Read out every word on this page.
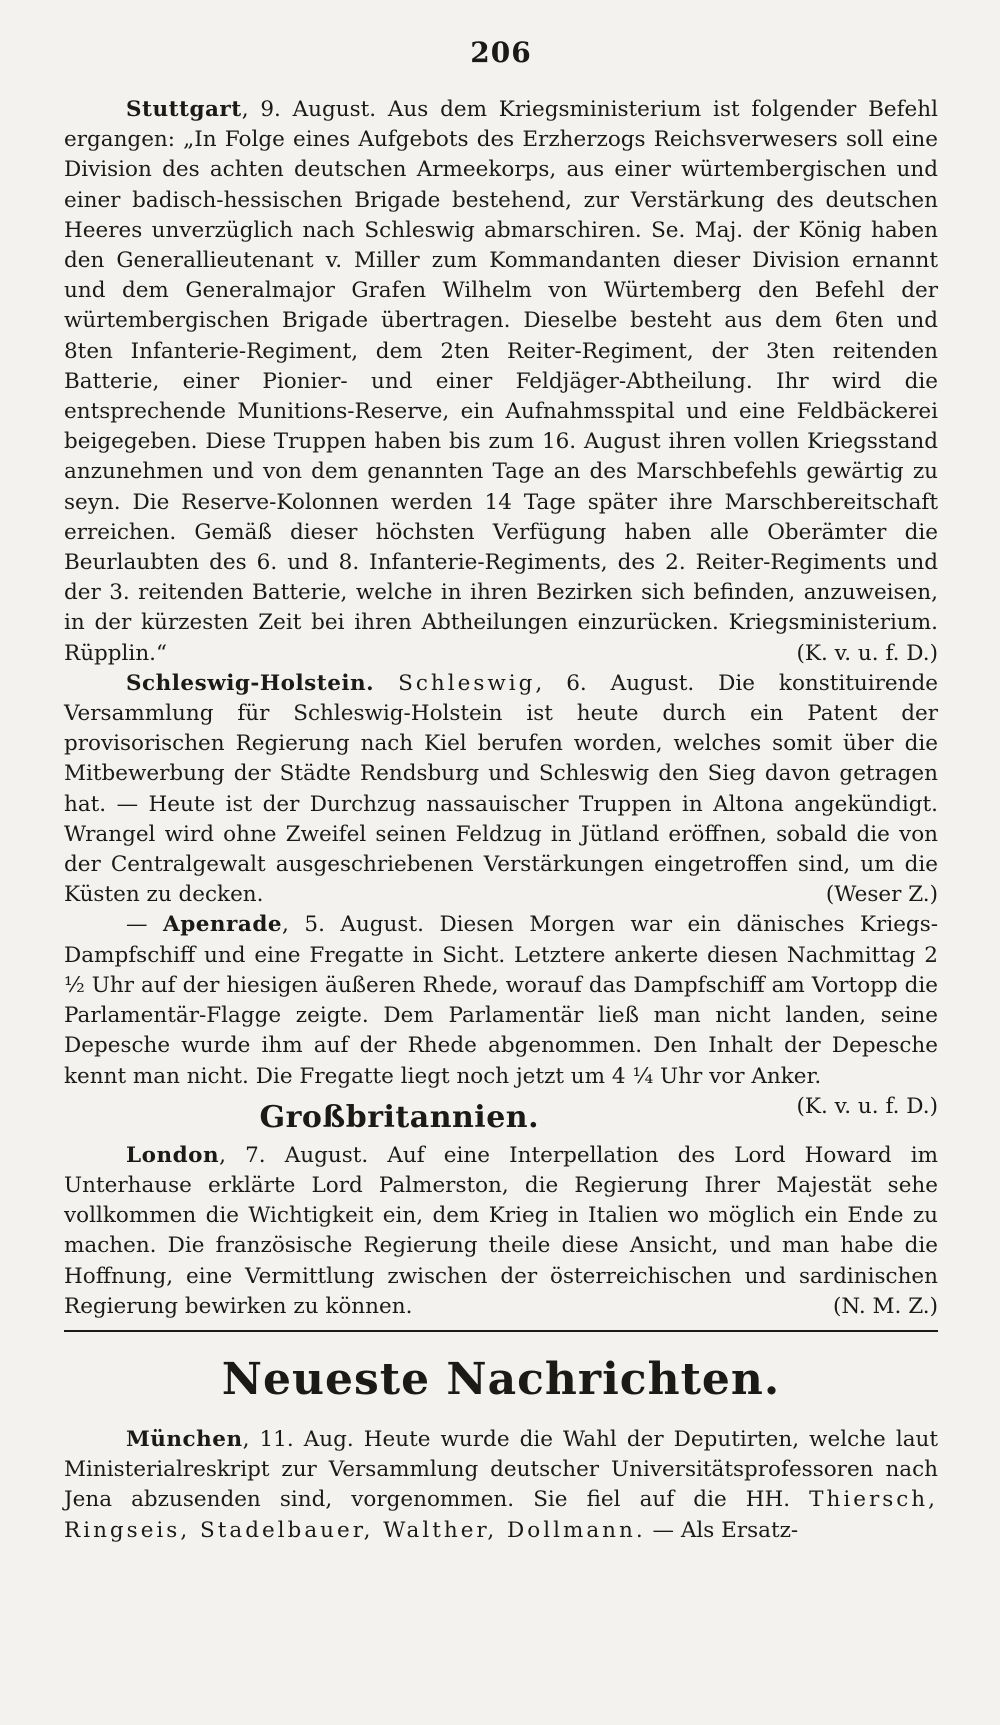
206

Stuttgart, 9. August. Aus dem Kriegsministerium ist folgender Befehl ergangen: „In Folge eines Aufgebots des Erzherzogs Reichsverwesers soll eine Division des achten deutschen Armeekorps, aus einer würtembergischen und einer badisch-hessischen Brigade bestehend, zur Verstärkung des deutschen Heeres unverzüglich nach Schleswig abmarschiren. Se. Maj. der König haben den Generallieutenant v. Miller zum Kommandanten dieser Division ernannt und dem Generalmajor Grafen Wilhelm von Würtemberg den Befehl der würtembergischen Brigade übertragen. Dieselbe besteht aus dem 6ten und 8ten Infanterie-Regiment, dem 2ten Reiter-Regiment, der 3ten reitenden Batterie, einer Pionier- und einer Feldjäger-Abtheilung. Ihr wird die entsprechende Munitions-Reserve, ein Aufnahmsspital und eine Feldbäckerei beigegeben. Diese Truppen haben bis zum 16. August ihren vollen Kriegsstand anzunehmen und von dem genannten Tage an des Marschbefehls gewärtig zu seyn. Die Reserve-Kolonnen werden 14 Tage später ihre Marschbereitschaft erreichen. Gemäß dieser höchsten Verfügung haben alle Oberämter die Beurlaubten des 6. und 8. Infanterie-Regiments, des 2. Reiter-Regiments und der 3. reitenden Batterie, welche in ihren Bezirken sich befinden, anzuweisen, in der kürzesten Zeit bei ihren Abtheilungen einzurücken. Kriegsministerium. Rüpplin.“	(K. v. u. f. D.)

Schleswig-Holstein. Schleswig, 6. August. Die konstituirende Versammlung für Schleswig-Holstein ist heute durch ein Patent der provisorischen Regierung nach Kiel berufen worden, welches somit über die Mitbewerbung der Städte Rendsburg und Schleswig den Sieg davon getragen hat. — Heute ist der Durchzug nassauischer Truppen in Altona angekündigt. Wrangel wird ohne Zweifel seinen Feldzug in Jütland eröffnen, sobald die von der Centralgewalt ausgeschriebenen Verstärkungen eingetroffen sind, um die Küsten zu decken.	(Weser Z.)

— Apenrade, 5. August. Diesen Morgen war ein dänisches Kriegs-Dampfschiff und eine Fregatte in Sicht. Letztere ankerte diesen Nachmittag 2 ½ Uhr auf der hiesigen äußeren Rhede, worauf das Dampfschiff am Vortopp die Parlamentär-Flagge zeigte. Dem Parlamentär ließ man nicht landen, seine Depesche wurde ihm auf der Rhede abgenommen. Den Inhalt der Depesche kennt man nicht. Die Fregatte liegt noch jetzt um 4 ¼ Uhr vor Anker.
(K. v. u. f. D.)

Großbritannien.

London, 7. August. Auf eine Interpellation des Lord Howard im Unterhause erklärte Lord Palmerston, die Regierung Ihrer Majestät sehe vollkommen die Wichtigkeit ein, dem Krieg in Italien wo möglich ein Ende zu machen. Die französische Regierung theile diese Ansicht, und man habe die Hoffnung, eine Vermittlung zwischen der österreichischen und sardinischen Regierung bewirken zu können.	(N. M. Z.)

Neueste Nachrichten.

München, 11. Aug. Heute wurde die Wahl der Deputirten, welche laut Ministerialreskript zur Versammlung deutscher Universitätsprofessoren nach Jena abzusenden sind, vorgenommen. Sie fiel auf die HH. Thiersch, Ringseis, Stadelbauer, Walther, Dollmann. — Als Ersatz-
